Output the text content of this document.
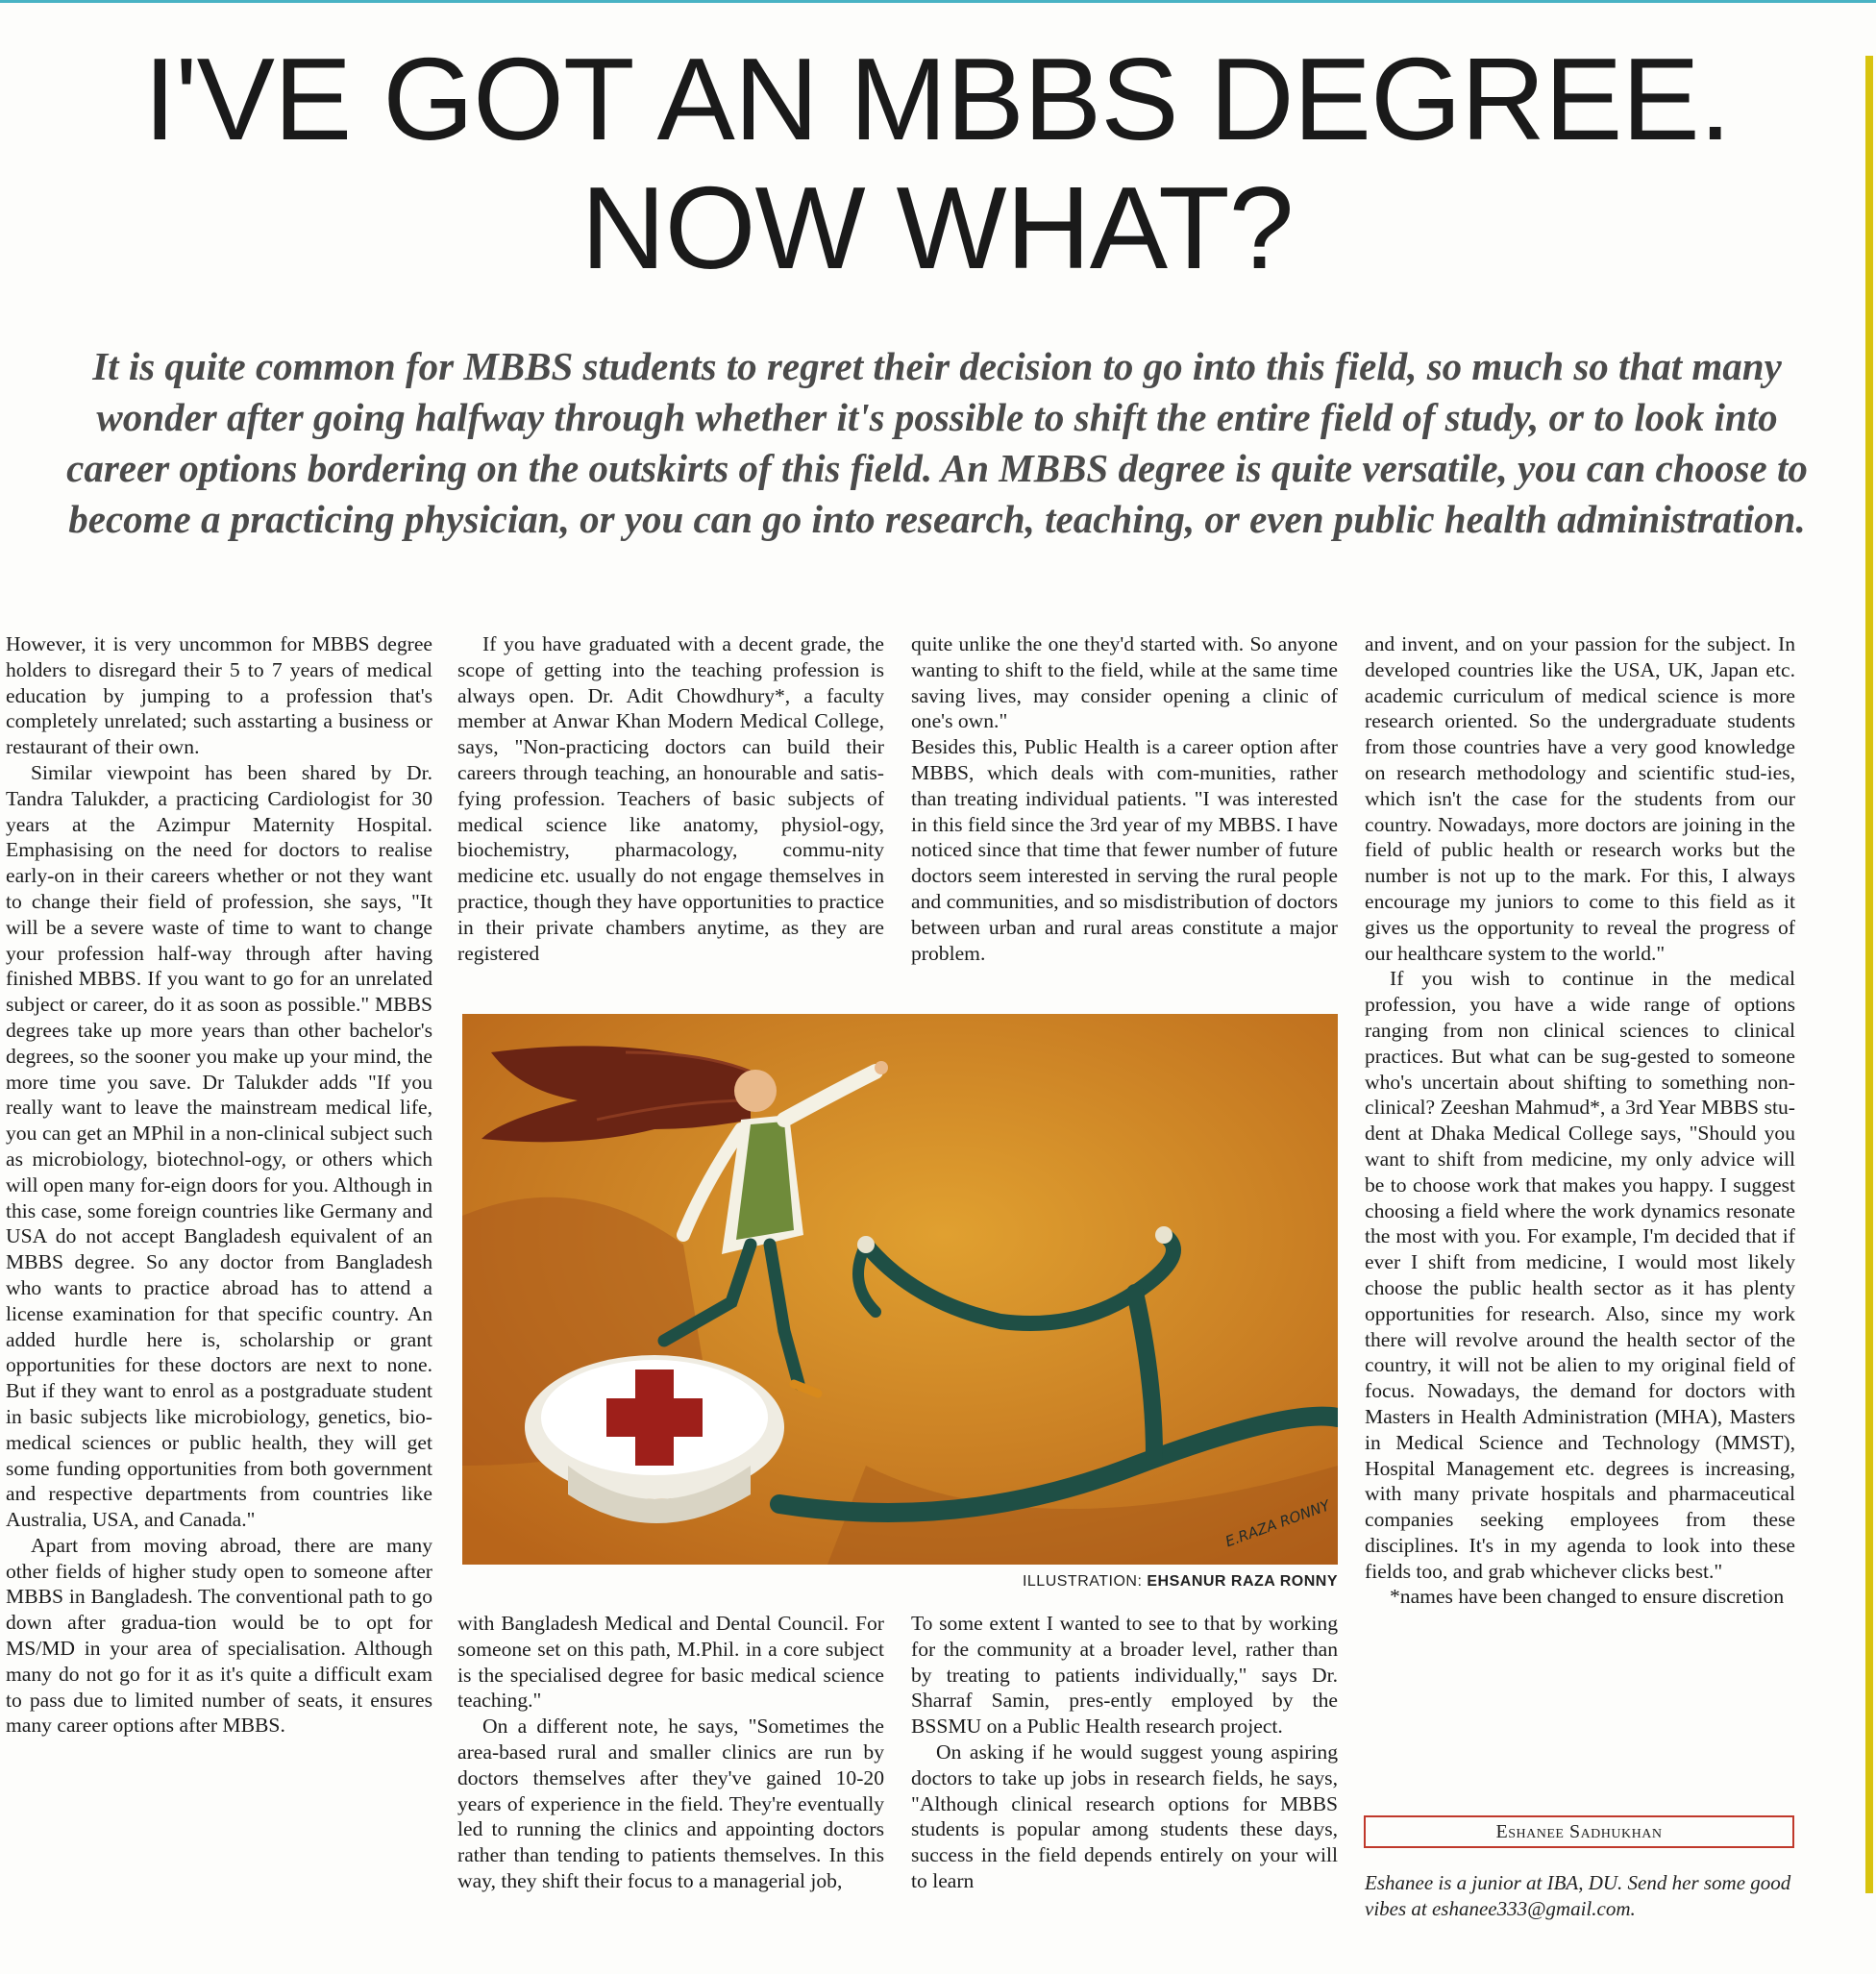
I'VE GOT AN MBBS DEGREE.
NOW WHAT?
It is quite common for MBBS students to regret their decision to go into this field, so much so that many wonder after going halfway through whether it's possible to shift the entire field of study, or to look into career options bordering on the outskirts of this field. An MBBS degree is quite versatile, you can choose to become a practicing physician, or you can go into research, teaching, or even public health administration.

However, it is very uncommon for MBBS degree holders to disregard their 5 to 7 years of medical education by jumping to a profession that's completely unrelated; such asstarting a business or restaurant of their own.

Similar viewpoint has been shared by Dr. Tandra Talukder, a practicing Cardiologist for 30 years at the Azimpur Maternity Hospital. Emphasising on the need for doctors to realise early-on in their careers whether or not they want to change their field of profession, she says, "It will be a severe waste of time to want to change your profession half-way through after having finished MBBS. If you want to go for an unrelated subject or career, do it as soon as possible." MBBS degrees take up more years than other bachelor's degrees, so the sooner you make up your mind, the more time you save. Dr Talukder adds "If you really want to leave the mainstream medical life, you can get an MPhil in a non-clinical subject such as microbiology, biotechnol-ogy, or others which will open many for-eign doors for you. Although in this case, some foreign countries like Germany and USA do not accept Bangladesh equivalent of an MBBS degree. So any doctor from Bangladesh who wants to practice abroad has to attend a license examination for that specific country. An added hurdle here is, scholarship or grant opportunities for these doctors are next to none. But if they want to enrol as a postgraduate student in basic subjects like microbiology, genetics, bio-medical sciences or public health, they will get some funding opportunities from both government and respective departments from countries like Australia, USA, and Canada."

Apart from moving abroad, there are many other fields of higher study open to someone after MBBS in Bangladesh. The conventional path to go down after gradua-tion would be to opt for MS/MD in your area of specialisation. Although many do not go for it as it's quite a difficult exam to pass due to limited number of seats, it ensures many career options after MBBS.

If you have graduated with a decent grade, the scope of getting into the teaching profession is always open. Dr. Adit Chowdhury*, a faculty member at Anwar Khan Modern Medical College, says, "Non-practicing doctors can build their careers through teaching, an honourable and satis-fying profession. Teachers of basic subjects of medical science like anatomy, physiol-ogy, biochemistry, pharmacology, commu-nity medicine etc. usually do not engage themselves in practice, though they have opportunities to practice in their private chambers anytime, as they are registered

quite unlike the one they'd started with. So anyone wanting to shift to the field, while at the same time saving lives, may consider opening a clinic of one's own."

Besides this, Public Health is a career option after MBBS, which deals with com-munities, rather than treating individual patients. "I was interested in this field since the 3rd year of my MBBS. I have noticed since that time that fewer number of future doctors seem interested in serving the rural people and communities, and so misdistribution of doctors between urban and rural areas constitute a major problem.

and invent, and on your passion for the subject. In developed countries like the USA, UK, Japan etc. academic curriculum of medical science is more research oriented. So the undergraduate students from those countries have a very good knowledge on research methodology and scientific stud-ies, which isn't the case for the students from our country. Nowadays, more doctors are joining in the field of public health or research works but the number is not up to the mark. For this, I always encourage my juniors to come to this field as it gives us the opportunity to reveal the progress of our healthcare system to the world."

If you wish to continue in the medical profession, you have a wide range of options ranging from non clinical sciences to clinical practices. But what can be sug-gested to someone who's uncertain about shifting to something non-clinical? Zeeshan Mahmud*, a 3rd Year MBBS stu-dent at Dhaka Medical College says, "Should you want to shift from medicine, my only advice will be to choose work that makes you happy. I suggest choosing a field where the work dynamics resonate the most with you. For example, I'm decided that if ever I shift from medicine, I would most likely choose the public health sector as it has plenty opportunities for research. Also, since my work there will revolve around the health sector of the country, it will not be alien to my original field of focus. Nowadays, the demand for doctors with Masters in Health Administration (MHA), Masters in Medical Science and Technology (MMST), Hospital Management etc. degrees is increasing, with many private hospitals and pharmaceutical companies seeking employees from these disciplines. It's in my agenda to look into these fields too, and grab whichever clicks best."

*names have been changed to ensure discretion

E.RAZA RONNY
ILLUSTRATION: EHSANUR RAZA RONNY

with Bangladesh Medical and Dental Council. For someone set on this path, M.Phil. in a core subject is the specialised degree for basic medical science teaching."

On a different note, he says, "Sometimes the area-based rural and smaller clinics are run by doctors themselves after they've gained 10-20 years of experience in the field. They're eventually led to running the clinics and appointing doctors rather than tending to patients themselves. In this way, they shift their focus to a managerial job,

To some extent I wanted to see to that by working for the community at a broader level, rather than by treating to patients individually," says Dr. Sharraf Samin, pres-ently employed by the BSSMU on a Public Health research project.

On asking if he would suggest young aspiring doctors to take up jobs in research fields, he says, "Although clinical research options for MBBS students is popular among students these days, success in the field depends entirely on your will to learn

Eshanee Sadhukhan
Eshanee is a junior at IBA, DU. Send her some good vibes at eshanee333@gmail.com.
